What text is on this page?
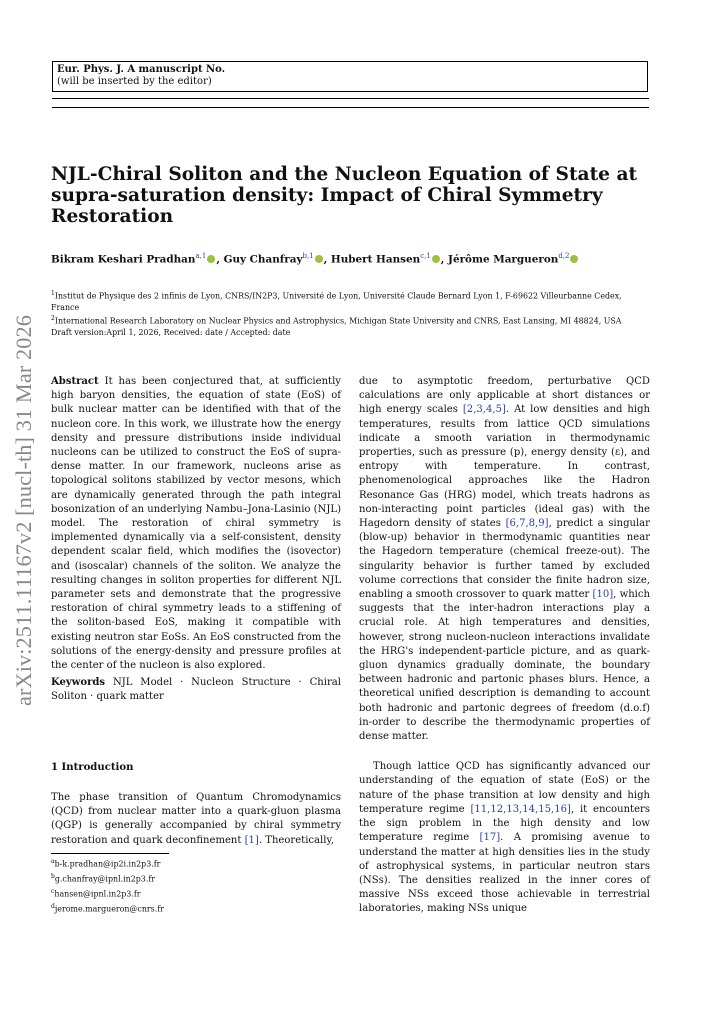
Eur. Phys. J. A manuscript No.
(will be inserted by the editor)
arXiv:2511.11167v2 [nucl-th] 31 Mar 2026
NJL-Chiral Soliton and the Nucleon Equation of State at supra-saturation density: Impact of Chiral Symmetry Restoration
Bikram Keshari Pradhan$^{a,1}$ , Guy Chanfray$^{b,1}$ , Hubert Hansen$^{c,1}$ , Jérôme Margueron$^{d,2}$
$^1$Institut de Physique des 2 infinis de Lyon, CNRS/IN2P3, Université de Lyon, Université Claude Bernard Lyon 1, F-69622 Villeurbanne Cedex, France
$^2$International Research Laboratory on Nuclear Physics and Astrophysics, Michigan State University and CNRS, East Lansing, MI 48824, USA
Draft version:April 1, 2026, Received: date / Accepted: date

Abstract It has been conjectured that, at sufficiently high baryon densities, the equation of state (EoS) of bulk nuclear matter can be identified with that of the nucleon core. In this work, we illustrate how the energy density and pressure distributions inside individual nucleons can be utilized to construct the EoS of supra-dense matter. In our framework, nucleons arise as topological solitons stabilized by vector mesons, which are dynamically generated through the path integral bosonization of an underlying Nambu–Jona-Lasinio (NJL) model. The restoration of chiral symmetry is implemented dynamically via a self-consistent, density dependent scalar field, which modifies the (isovector) and (isoscalar) channels of the soliton. We analyze the resulting changes in soliton properties for different NJL parameter sets and demonstrate that the progressive restoration of chiral symmetry leads to a stiffening of the soliton-based EoS, making it compatible with existing neutron star EoSs. An EoS constructed from the solutions of the energy-density and pressure profiles at the center of the nucleon is also explored.

Keywords NJL Model · Nucleon Structure · Chiral Soliton · quark matter

1 Introduction

The phase transition of Quantum Chromodynamics (QCD) from nuclear matter into a quark-gluon plasma (QGP) is generally accompanied by chiral symmetry restoration and quark deconfinement [1]. Theoretically,

$^a$b-k.pradhan@ip2i.in2p3.fr
$^b$g.chanfray@ipnl.in2p3.fr
$^c$hansen@ipnl.in2p3.fr
$^d$jerome.margueron@cnrs.fr

due to asymptotic freedom, perturbative QCD calculations are only applicable at short distances or high energy scales [2,3,4,5]. At low densities and high temperatures, results from lattice QCD simulations indicate a smooth variation in thermodynamic properties, such as pressure (p), energy density (ε), and entropy with temperature. In contrast, phenomenological approaches like the Hadron Resonance Gas (HRG) model, which treats hadrons as non-interacting point particles (ideal gas) with the Hagedorn density of states [6,7,8,9], predict a singular (blow-up) behavior in thermodynamic quantities near the Hagedorn temperature (chemical freeze-out). The singularity behavior is further tamed by excluded volume corrections that consider the finite hadron size, enabling a smooth crossover to quark matter [10], which suggests that the inter-hadron interactions play a crucial role. At high temperatures and densities, however, strong nucleon-nucleon interactions invalidate the HRG's independent-particle picture, and as quark-gluon dynamics gradually dominate, the boundary between hadronic and partonic phases blurs. Hence, a theoretical unified description is demanding to account both hadronic and partonic degrees of freedom (d.o.f) in-order to describe the thermodynamic properties of dense matter.

Though lattice QCD has significantly advanced our understanding of the equation of state (EoS) or the nature of the phase transition at low density and high temperature regime [11,12,13,14,15,16], it encounters the sign problem in the high density and low temperature regime [17]. A promising avenue to understand the matter at high densities lies in the study of astrophysical systems, in particular neutron stars (NSs). The densities realized in the inner cores of massive NSs exceed those achievable in terrestrial laboratories, making NSs unique
